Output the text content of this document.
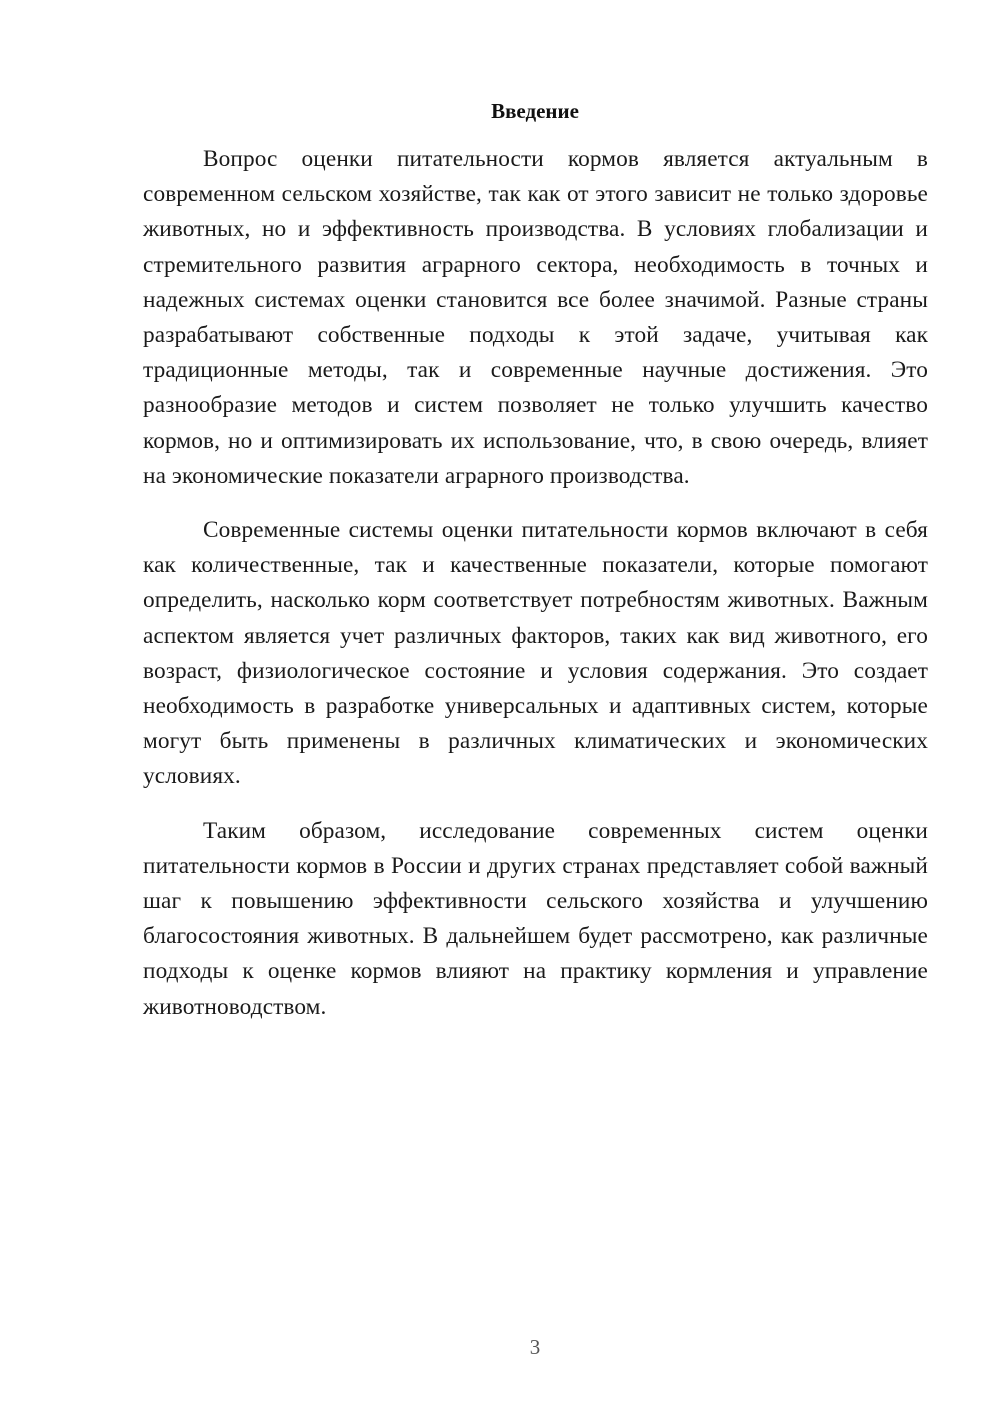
Введение

Вопрос оценки питательности кормов является актуальным в современном сельском хозяйстве, так как от этого зависит не только здоровье животных, но и эффективность производства. В условиях глобализации и стремительного развития аграрного сектора, необходимость в точных и надежных системах оценки становится все более значимой. Разные страны разрабатывают собственные подходы к этой задаче, учитывая как традиционные методы, так и современные научные достижения. Это разнообразие методов и систем позволяет не только улучшить качество кормов, но и оптимизировать их использование, что, в свою очередь, влияет на экономические показатели аграрного производства.

Современные системы оценки питательности кормов включают в себя как количественные, так и качественные показатели, которые помогают определить, насколько корм соответствует потребностям животных. Важным аспектом является учет различных факторов, таких как вид животного, его возраст, физиологическое состояние и условия содержания. Это создает необходимость в разработке универсальных и адаптивных систем, которые могут быть применены в различных климатических и экономических условиях.

Таким образом, исследование современных систем оценки питательности кормов в России и других странах представляет собой важный шаг к повышению эффективности сельского хозяйства и улучшению благосостояния животных. В дальнейшем будет рассмотрено, как различные подходы к оценке кормов влияют на практику кормления и управление животноводством.

3
